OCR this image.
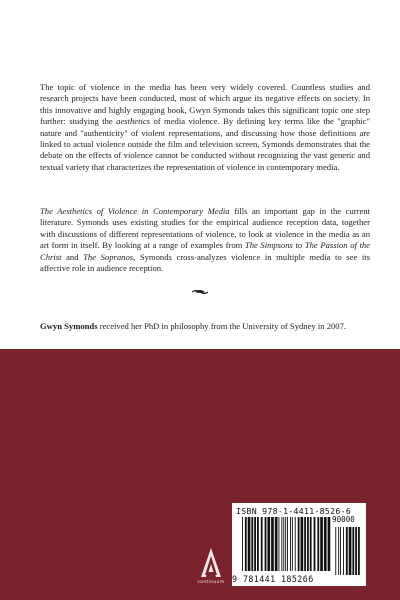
The topic of violence in the media has been very widely covered. Countless studies and research projects have been conducted, most of which argue its negative effects on society. In this innovative and highly engaging book, Gwyn Symonds takes this significant topic one step further: studying the aesthetics of media violence. By defining key terms like the "graphic" nature and "authenticity" of violent representations, and discussing how those definitions are linked to actual violence outside the film and television screen, Symonds demonstrates that the debate on the effects of violence cannot be conducted without recognizing the vast generic and textual variety that characterizes the representation of violence in contemporary media.

The Aesthetics of Violence in Contemporary Media fills an important gap in the current literature. Symonds uses existing studies for the empirical audience reception data, together with discussions of different representations of violence, to look at violence in the media as an art form in itself. By looking at a range of examples from The Simpsons to The Passion of the Christ and The Sopranos, Symonds cross-analyzes violence in multiple media to see its affective role in audience reception.

Gwyn Symonds received her PhD in philosophy from the University of Sydney in 2007.
ISBN 978-1-4411-8526-6
9 781441 185266
90000
continuum
